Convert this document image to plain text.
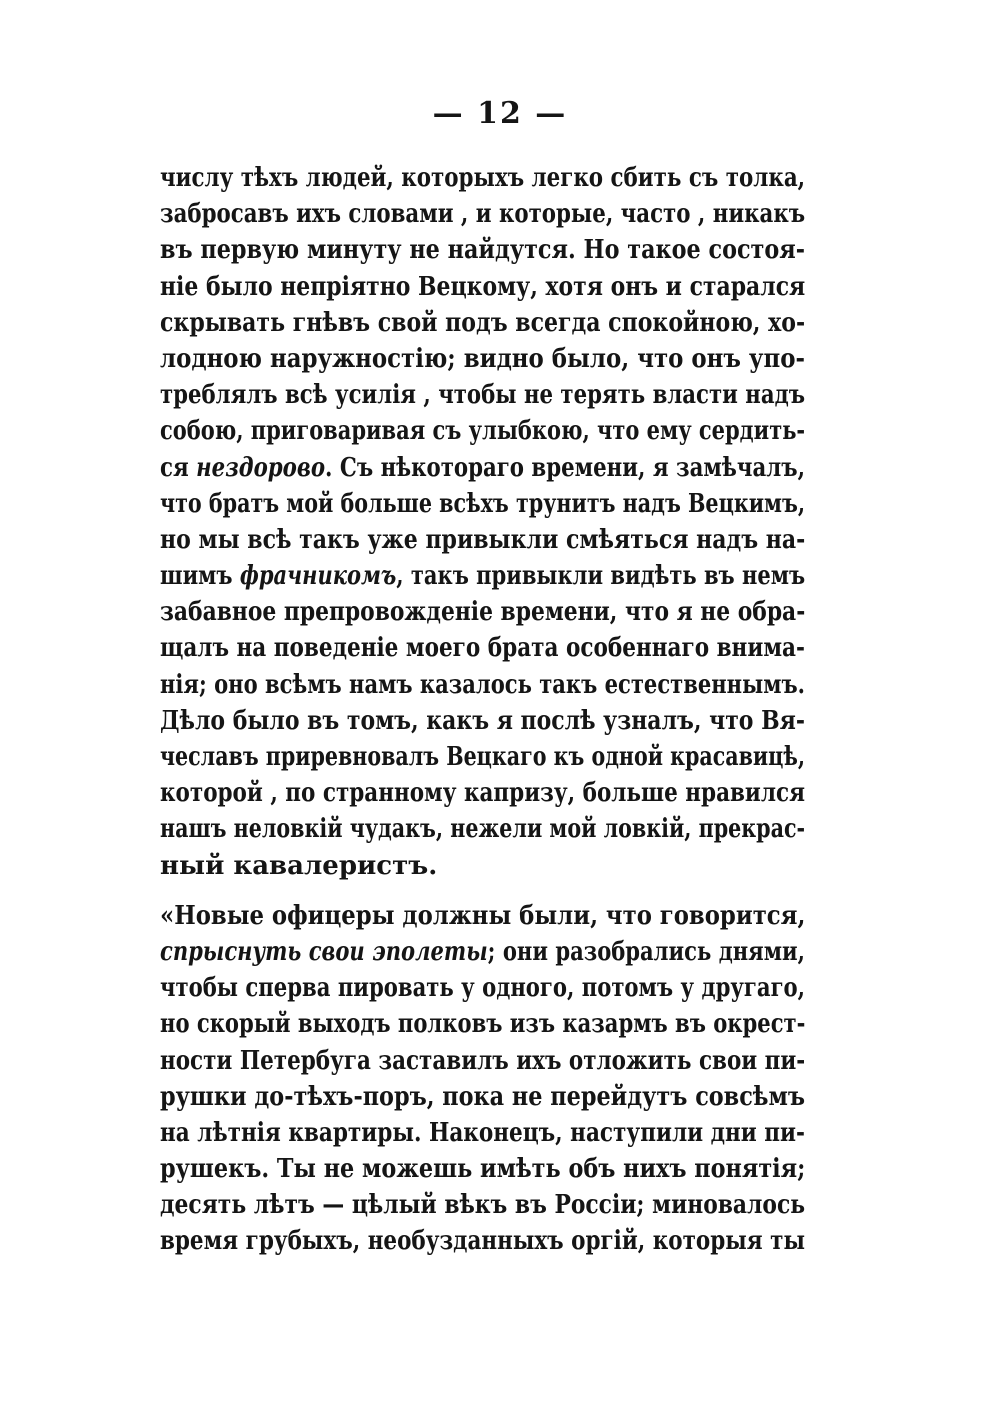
— 12 —
числу тѣхъ людей, которыхъ легко сбить съ толка,
забросавъ ихъ словами , и которые, часто , никакъ
въ первую минуту не найдутся. Но такое состоя-
ніе было непріятно Вецкому, хотя онъ и старался
скрывать гнѣвъ свой подъ всегда спокойною, хо-
лодною наружностію; видно было, что онъ упо-
треблялъ всѣ усилія , чтобы не терять власти надъ
собою, приговаривая съ улыбкою, что ему сердить-
ся нездорово. Съ нѣкотораго времени, я замѣчалъ,
что братъ мой больше всѣхъ трунитъ надъ Вецкимъ,
но мы всѣ такъ уже привыкли смѣяться надъ на-
шимъ фрачникомъ, такъ привыкли видѣть въ немъ
забавное препровожденіе времени, что я не обра-
щалъ на поведеніе моего брата особеннаго внима-
нія; оно всѣмъ намъ казалось такъ естественнымъ.
Дѣло было въ томъ, какъ я послѣ узналъ, что Вя-
чеславъ приревновалъ Вецкаго къ одной красавицѣ,
которой , по странному капризу, больше нравился
нашъ неловкій чудакъ, нежели мой ловкій, прекрас-
ный кавалеристъ.
«Новые офицеры должны были, что говорится,
спрыснуть свои эполеты; они разобрались днями,
чтобы сперва пировать у одного, потомъ у другаго,
но скорый выходъ полковъ изъ казармъ въ окрест-
ности Петербуга заставилъ ихъ отложить свои пи-
рушки до-тѣхъ-поръ, пока не перейдутъ совсѣмъ
на лѣтнія квартиры. Наконецъ, наступили дни пи-
рушекъ. Ты не можешь имѣть объ нихъ понятія;
десять лѣтъ — цѣлый вѣкъ въ Россіи; миновалось
время грубыхъ, необузданныхъ оргій, которыя ты
